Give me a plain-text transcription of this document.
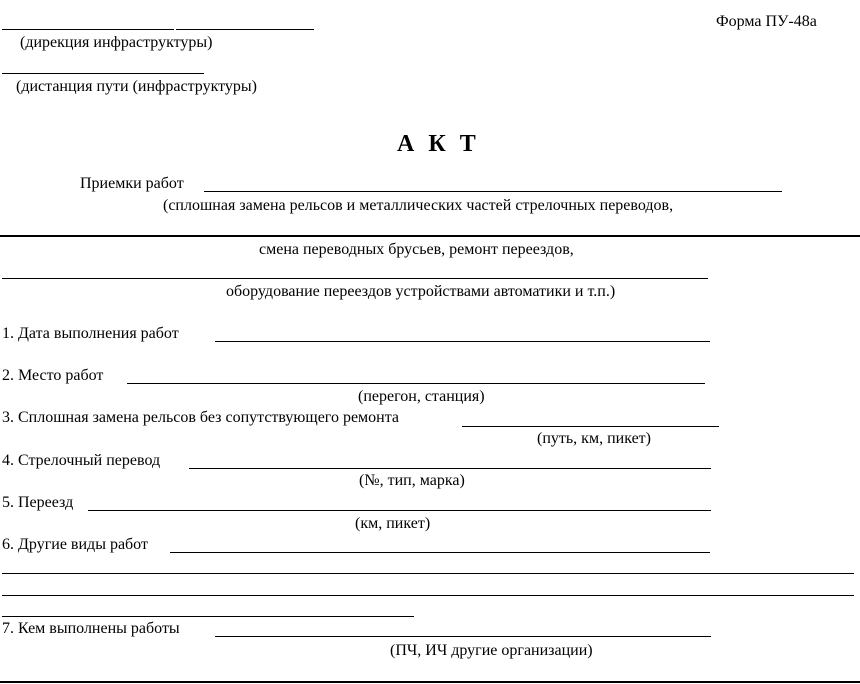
(дирекция инфраструктуры)
Форма ПУ-48а
(дистанция пути (инфраструктуры)
А К Т
Приемки работ
(сплошная замена рельсов и металлических частей стрелочных переводов,
смена переводных брусьев, ремонт переездов,
оборудование переездов устройствами автоматики и т.п.)
1. Дата выполнения работ
2. Место работ
(перегон, станция)
3. Сплошная замена рельсов без сопутствующего ремонта
(путь, км, пикет)
4. Стрелочный перевод
(№, тип, марка)
5. Переезд
(км, пикет)
6. Другие виды работ
7. Кем выполнены работы
(ПЧ, ИЧ другие организации)
